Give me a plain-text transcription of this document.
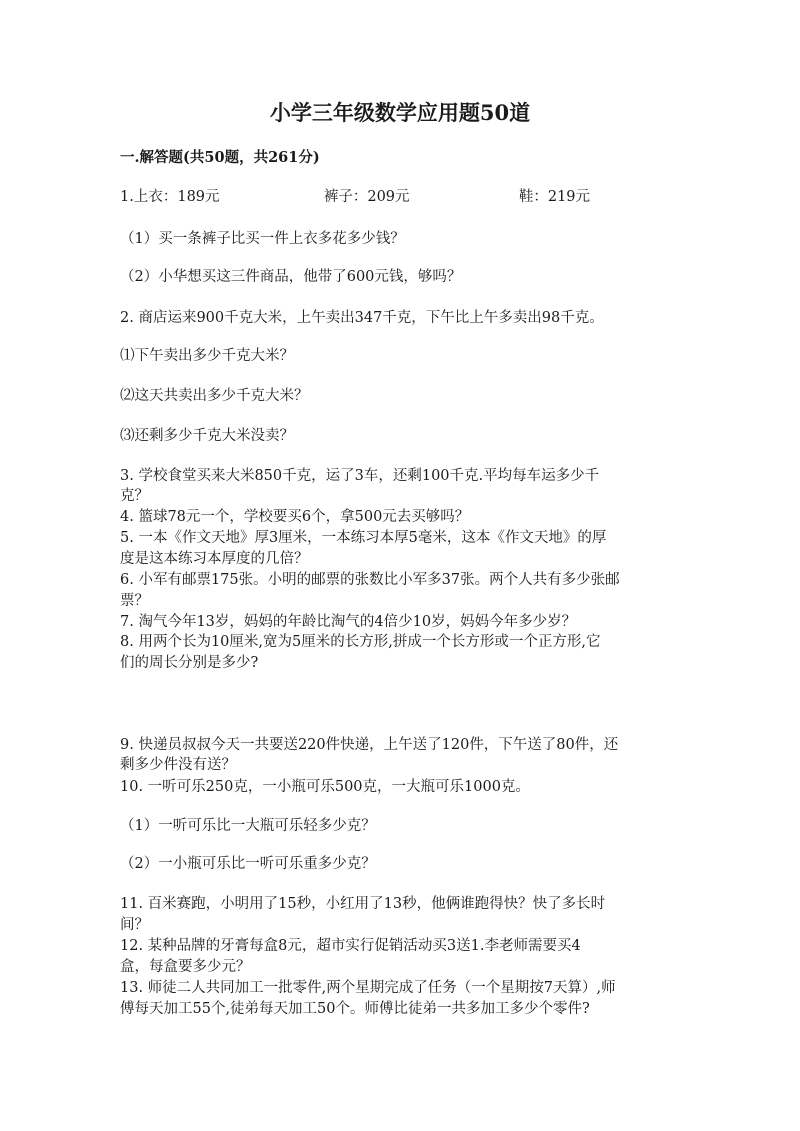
小学三年级数学应用题50道
一.解答题(共50题，共261分)
1.上衣：189元	裤子：209元	鞋：219元
（1）买一条裤子比买一件上衣多花多少钱？
（2）小华想买这三件商品，他带了600元钱，够吗？
2. 商店运来900千克大米，上午卖出347千克，下午比上午多卖出98千克。
⑴下午卖出多少千克大米？
⑵这天共卖出多少千克大米？
⑶还剩多少千克大米没卖？
3. 学校食堂买来大米850千克，运了3车，还剩100千克.平均每车运多少千
克？
4. 篮球78元一个，学校要买6个，拿500元去买够吗？
5. 一本《作文天地》厚3厘米，一本练习本厚5毫米，这本《作文天地》的厚
度是这本练习本厚度的几倍？
6. 小军有邮票175张。小明的邮票的张数比小军多37张。两个人共有多少张邮
票？
7. 淘气今年13岁，妈妈的年龄比淘气的4倍少10岁，妈妈今年多少岁？
8. 用两个长为10厘米,宽为5厘米的长方形,拼成一个长方形或一个正方形,它
们的周长分别是多少?
9. 快递员叔叔今天一共要送220件快递，上午送了120件，下午送了80件，还
剩多少件没有送？
10. 一听可乐250克，一小瓶可乐500克，一大瓶可乐1000克。
（1）一听可乐比一大瓶可乐轻多少克？
（2）一小瓶可乐比一听可乐重多少克？
11. 百米赛跑，小明用了15秒，小红用了13秒，他俩谁跑得快？快了多长时
间？
12. 某种品牌的牙膏每盒8元，超市实行促销活动买3送1.李老师需要买4
盒，每盒要多少元？
13. 师徒二人共同加工一批零件,两个星期完成了任务（一个星期按7天算）,师
傅每天加工55个,徒弟每天加工50个。师傅比徒弟一共多加工多少个零件?
